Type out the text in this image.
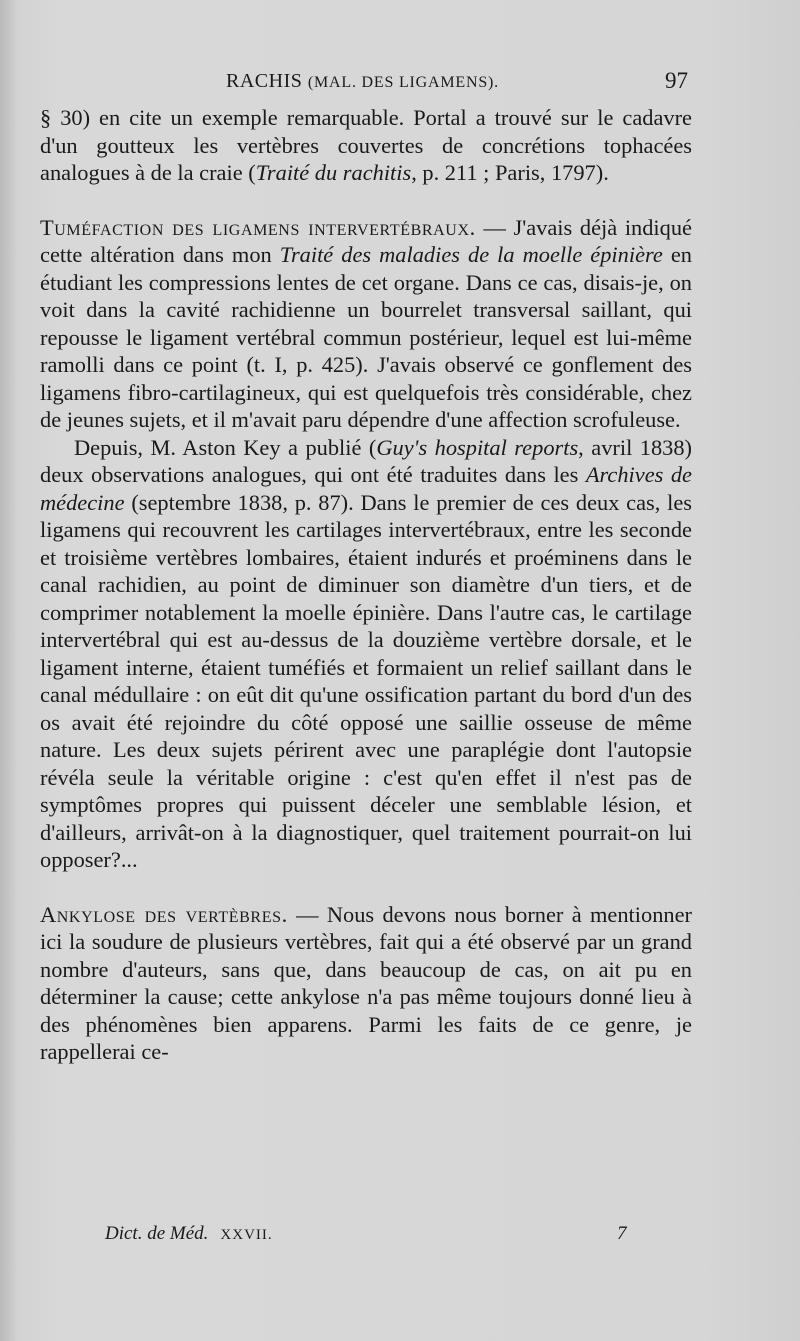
RACHIS (MAL. DES LIGAMENS).	97

§ 30) en cite un exemple remarquable. Portal a trouvé sur le cadavre d'un goutteux les vertèbres couvertes de concrétions tophacées analogues à de la craie (Traité du rachitis, p. 211 ; Paris, 1797).

Tuméfaction des ligamens intervertébraux. — J'avais déjà indiqué cette altération dans mon Traité des maladies de la moelle épinière en étudiant les compressions lentes de cet organe. Dans ce cas, disais-je, on voit dans la cavité rachidienne un bourrelet transversal saillant, qui repousse le ligament vertébral commun postérieur, lequel est lui-même ramolli dans ce point (t. I, p. 425). J'avais observé ce gonflement des ligamens fibro-cartilagineux, qui est quelquefois très considérable, chez de jeunes sujets, et il m'avait paru dépendre d'une affection scrofuleuse.

Depuis, M. Aston Key a publié (Guy's hospital reports, avril 1838) deux observations analogues, qui ont été traduites dans les Archives de médecine (septembre 1838, p. 87). Dans le premier de ces deux cas, les ligamens qui recouvrent les cartilages intervertébraux, entre les seconde et troisième vertèbres lombaires, étaient indurés et proéminens dans le canal rachidien, au point de diminuer son diamètre d'un tiers, et de comprimer notablement la moelle épinière. Dans l'autre cas, le cartilage intervertébral qui est au-dessus de la douzième vertèbre dorsale, et le ligament interne, étaient tuméfiés et formaient un relief saillant dans le canal médullaire : on eût dit qu'une ossification partant du bord d'un des os avait été rejoindre du côté opposé une saillie osseuse de même nature. Les deux sujets périrent avec une paraplégie dont l'autopsie révéla seule la véritable origine : c'est qu'en effet il n'est pas de symptômes propres qui puissent déceler une semblable lésion, et d'ailleurs, arrivât-on à la diagnostiquer, quel traitement pourrait-on lui opposer?...

Ankylose des vertèbres. — Nous devons nous borner à mentionner ici la soudure de plusieurs vertèbres, fait qui a été observé par un grand nombre d'auteurs, sans que, dans beaucoup de cas, on ait pu en déterminer la cause; cette ankylose n'a pas même toujours donné lieu à des phénomènes bien apparens. Parmi les faits de ce genre, je rappellerai ce-

Dict. de Méd. XXVII.	7
